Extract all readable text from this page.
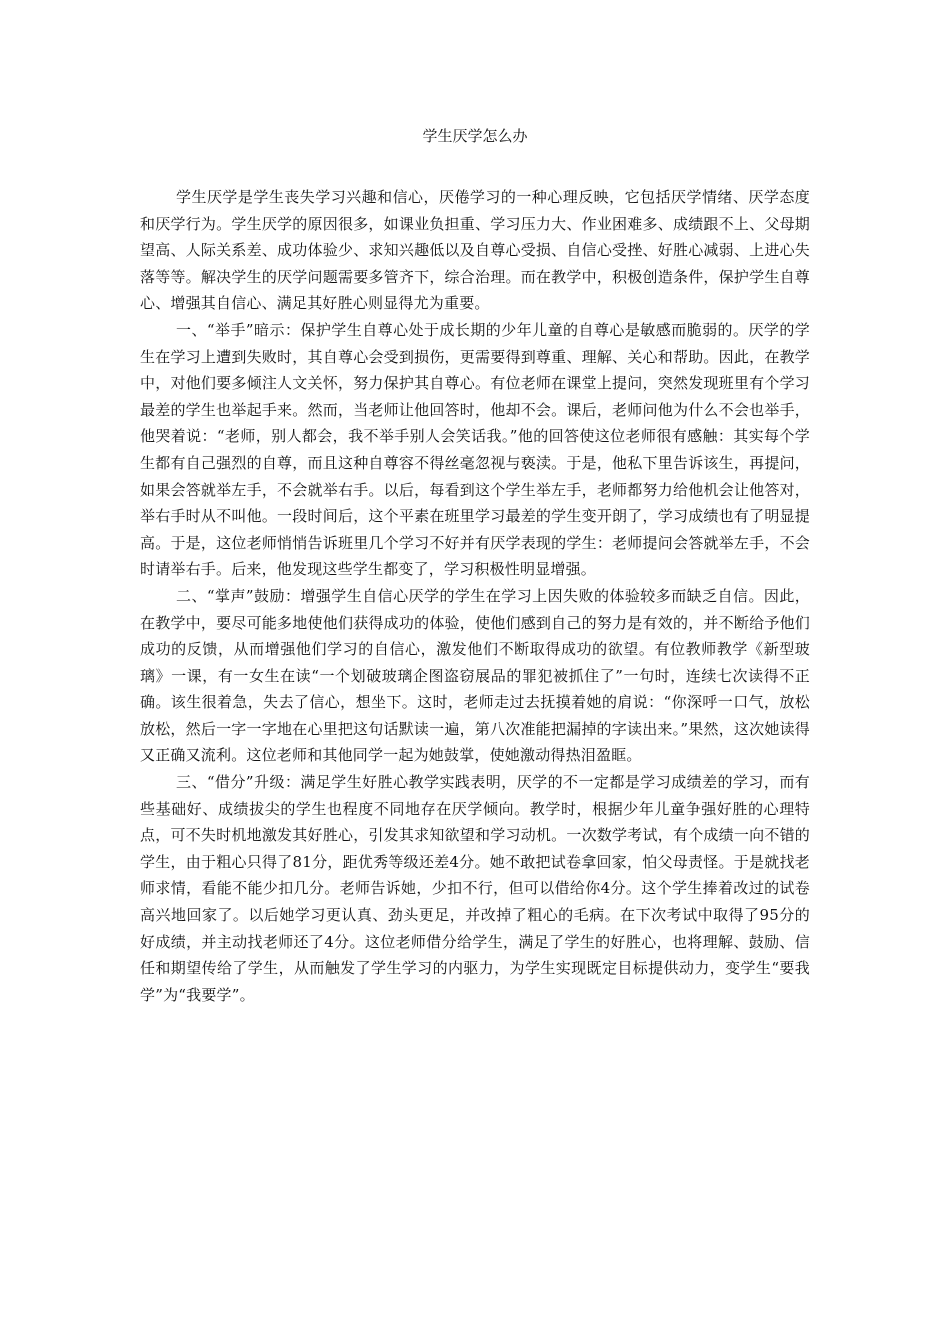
学生厌学怎么办

学生厌学是学生丧失学习兴趣和信心，厌倦学习的一种心理反映，它包括厌学情绪、厌学态度和厌学行为。学生厌学的原因很多，如课业负担重、学习压力大、作业困难多、成绩跟不上、父母期望高、人际关系差、成功体验少、求知兴趣低以及自尊心受损、自信心受挫、好胜心减弱、上进心失落等等。解决学生的厌学问题需要多管齐下，综合治理。而在教学中，积极创造条件，保护学生自尊心、增强其自信心、满足其好胜心则显得尤为重要。

一、“举手”暗示：保护学生自尊心处于成长期的少年儿童的自尊心是敏感而脆弱的。厌学的学生在学习上遭到失败时，其自尊心会受到损伤，更需要得到尊重、理解、关心和帮助。因此，在教学中，对他们要多倾注人文关怀，努力保护其自尊心。有位老师在课堂上提问，突然发现班里有个学习最差的学生也举起手来。然而，当老师让他回答时，他却不会。课后，老师问他为什么不会也举手，他哭着说：“老师，别人都会，我不举手别人会笑话我。”他的回答使这位老师很有感触：其实每个学生都有自己强烈的自尊，而且这种自尊容不得丝毫忽视与亵渎。于是，他私下里告诉该生，再提问，如果会答就举左手，不会就举右手。以后，每看到这个学生举左手，老师都努力给他机会让他答对，举右手时从不叫他。一段时间后，这个平素在班里学习最差的学生变开朗了，学习成绩也有了明显提高。于是，这位老师悄悄告诉班里几个学习不好并有厌学表现的学生：老师提问会答就举左手，不会时请举右手。后来，他发现这些学生都变了，学习积极性明显增强。

二、“掌声”鼓励：增强学生自信心厌学的学生在学习上因失败的体验较多而缺乏自信。因此，在教学中，要尽可能多地使他们获得成功的体验，使他们感到自己的努力是有效的，并不断给予他们成功的反馈，从而增强他们学习的自信心，激发他们不断取得成功的欲望。有位教师教学《新型玻璃》一课，有一女生在读“一个划破玻璃企图盗窃展品的罪犯被抓住了”一句时，连续七次读得不正确。该生很着急，失去了信心，想坐下。这时，老师走过去抚摸着她的肩说：“你深呼一口气，放松放松，然后一字一字地在心里把这句话默读一遍，第八次准能把漏掉的字读出来。”果然，这次她读得又正确又流利。这位老师和其他同学一起为她鼓掌，使她激动得热泪盈眶。

三、“借分”升级：满足学生好胜心教学实践表明，厌学的不一定都是学习成绩差的学习，而有些基础好、成绩拔尖的学生也程度不同地存在厌学倾向。教学时，根据少年儿童争强好胜的心理特点，可不失时机地激发其好胜心，引发其求知欲望和学习动机。一次数学考试，有个成绩一向不错的学生，由于粗心只得了81分，距优秀等级还差4分。她不敢把试卷拿回家，怕父母责怪。于是就找老师求情，看能不能少扣几分。老师告诉她，少扣不行，但可以借给你4分。这个学生捧着改过的试卷高兴地回家了。以后她学习更认真、劲头更足，并改掉了粗心的毛病。在下次考试中取得了95分的好成绩，并主动找老师还了4分。这位老师借分给学生，满足了学生的好胜心，也将理解、鼓励、信任和期望传给了学生，从而触发了学生学习的内驱力，为学生实现既定目标提供动力，变学生“要我学”为“我要学”。
